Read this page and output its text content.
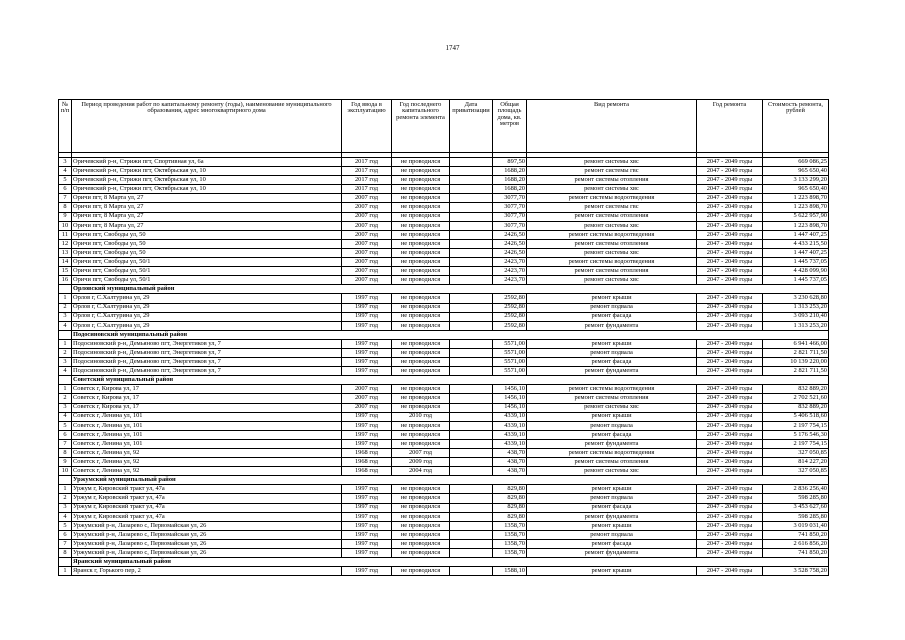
1747
№ п/п	Период проведения работ по капитальному ремонту (годы), наименование муниципального образования, адрес многоквартирного дома	Год ввода в эксплуатацию	Год последнего капитального ремонта элемента	Дата приватизации	Общая площадь дома, кв. метров	Вид ремонта	Год ремонта	Стоимость ремонта, рублей

3	Оричевский р-н, Стрижи пгт, Спортивная ул, 6а	2017 год	не проводился		897,50	ремонт системы хвс	2047 - 2049 годы	669 086,25
4	Оричевский р-н, Стрижи пгт, Октябрьская ул, 10	2017 год	не проводился		1688,20	ремонт системы гвс	2047 - 2049 годы	965 650,40
5	Оричевский р-н, Стрижи пгт, Октябрьская ул, 10	2017 год	не проводился		1688,20	ремонт системы отопления	2047 - 2049 годы	3 133 299,20
6	Оричевский р-н, Стрижи пгт, Октябрьская ул, 10	2017 год	не проводился		1688,20	ремонт системы хвс	2047 - 2049 годы	965 650,40
7	Оричи пгт, 8 Марта ул, 27	2007 год	не проводился		3077,70	ремонт системы водоотведения	2047 - 2049 годы	1 223 898,70
8	Оричи пгт, 8 Марта ул, 27	2007 год	не проводился		3077,70	ремонт системы гвс	2047 - 2049 годы	1 223 898,70
9	Оричи пгт, 8 Марта ул, 27	2007 год	не проводился		3077,70	ремонт системы отопления	2047 - 2049 годы	5 622 957,90
10	Оричи пгт, 8 Марта ул, 27	2007 год	не проводился		3077,70	ремонт системы хвс	2047 - 2049 годы	1 223 898,70
11	Оричи пгт, Свободы ул, 50	2007 год	не проводился		2426,50	ремонт системы водоотведения	2047 - 2049 годы	1 447 407,25
12	Оричи пгт, Свободы ул, 50	2007 год	не проводился		2426,50	ремонт системы отопления	2047 - 2049 годы	4 433 215,50
13	Оричи пгт, Свободы ул, 50	2007 год	не проводился		2426,50	ремонт системы хвс	2047 - 2049 годы	1 447 407,25
14	Оричи пгт, Свободы ул, 50/1	2007 год	не проводился		2423,70	ремонт системы водоотведения	2047 - 2049 годы	1 445 737,05
15	Оричи пгт, Свободы ул, 50/1	2007 год	не проводился		2423,70	ремонт системы отопления	2047 - 2049 годы	4 428 099,90
16	Оричи пгт, Свободы ул, 50/1	2007 год	не проводился		2423,70	ремонт системы хвс	2047 - 2049 годы	1 445 737,05
	Орловский муниципальный район							
1	Орлов г, С.Халтурина ул, 29	1997 год	не проводился		2592,80	ремонт крыши	2047 - 2049 годы	3 230 628,80
2	Орлов г, С.Халтурина ул, 29	1997 год	не проводился		2592,80	ремонт подвала	2047 - 2049 годы	1 313 253,20
3	Орлов г, С.Халтурина ул, 29	1997 год	не проводился		2592,80	ремонт фасада	2047 - 2049 годы	3 093 210,40
4	Орлов г, С.Халтурина ул, 29	1997 год	не проводился		2592,80	ремонт фундамента	2047 - 2049 годы	1 313 253,20
	Подосиновский муниципальный район							
1	Подосиновский р-н, Демьяново пгт, Энергетиков ул, 7	1997 год	не проводился		5571,00	ремонт крыши	2047 - 2049 годы	6 941 466,00
2	Подосиновский р-н, Демьяново пгт, Энергетиков ул, 7	1997 год	не проводился		5571,00	ремонт подвала	2047 - 2049 годы	2 821 711,50
3	Подосиновский р-н, Демьяново пгт, Энергетиков ул, 7	1997 год	не проводился		5571,00	ремонт фасада	2047 - 2049 годы	10 139 220,00
4	Подосиновский р-н, Демьяново пгт, Энергетиков ул, 7	1997 год	не проводился		5571,00	ремонт фундамента	2047 - 2049 годы	2 821 711,50
	Советский муниципальный район							
1	Советск г, Кирова ул, 17	2007 год	не проводился		1456,10	ремонт системы водоотведения	2047 - 2049 годы	832 889,20
2	Советск г, Кирова ул, 17	2007 год	не проводился		1456,10	ремонт системы отопления	2047 - 2049 годы	2 702 521,60
3	Советск г, Кирова ул, 17	2007 год	не проводился		1456,10	ремонт системы хвс	2047 - 2049 годы	832 889,20
4	Советск г, Ленина ул, 101	1997 год	2010 год		4339,10	ремонт крыши	2047 - 2049 годы	5 406 518,60
5	Советск г, Ленина ул, 101	1997 год	не проводился		4339,10	ремонт подвала	2047 - 2049 годы	2 197 754,15
6	Советск г, Ленина ул, 101	1997 год	не проводился		4339,10	ремонт фасада	2047 - 2049 годы	5 176 546,30
7	Советск г, Ленина ул, 101	1997 год	не проводился		4339,10	ремонт фундамента	2047 - 2049 годы	2 197 754,15
8	Советск г, Ленина ул, 92	1968 год	2007 год		438,70	ремонт системы водоотведения	2047 - 2049 годы	327 050,85
9	Советск г, Ленина ул, 92	1968 год	2009 год		438,70	ремонт системы отопления	2047 - 2049 годы	814 227,20
10	Советск г, Ленина ул, 92	1968 год	2004 год		438,70	ремонт системы хвс	2047 - 2049 годы	327 050,85
	Уржумский муниципальный район							
1	Уржум г, Кировский тракт ул, 47а	1997 год	не проводился		829,80	ремонт крыши	2047 - 2049 годы	2 836 256,40
2	Уржум г, Кировский тракт ул, 47а	1997 год	не проводился		829,80	ремонт подвала	2047 - 2049 годы	598 285,80
3	Уржум г, Кировский тракт ул, 47а	1997 год	не проводился		829,80	ремонт фасада	2047 - 2049 годы	3 453 627,60
4	Уржум г, Кировский тракт ул, 47а	1997 год	не проводился		829,80	ремонт фундамента	2047 - 2049 годы	598 285,80
5	Уржумский р-н, Лазарево с, Первомайская ул, 26	1997 год	не проводился		1358,70	ремонт крыши	2047 - 2049 годы	3 019 031,40
6	Уржумский р-н, Лазарево с, Первомайская ул, 26	1997 год	не проводился		1358,70	ремонт подвала	2047 - 2049 годы	741 850,20
7	Уржумский р-н, Лазарево с, Первомайская ул, 26	1997 год	не проводился		1358,70	ремонт фасада	2047 - 2049 годы	2 616 856,20
8	Уржумский р-н, Лазарево с, Первомайская ул, 26	1997 год	не проводился		1358,70	ремонт фундамента	2047 - 2049 годы	741 850,20
	Яранский муниципальный район							
1	Яранск г, Горького пер, 2	1997 год	не проводился		1588,10	ремонт крыши	2047 - 2049 годы	3 528 758,20
